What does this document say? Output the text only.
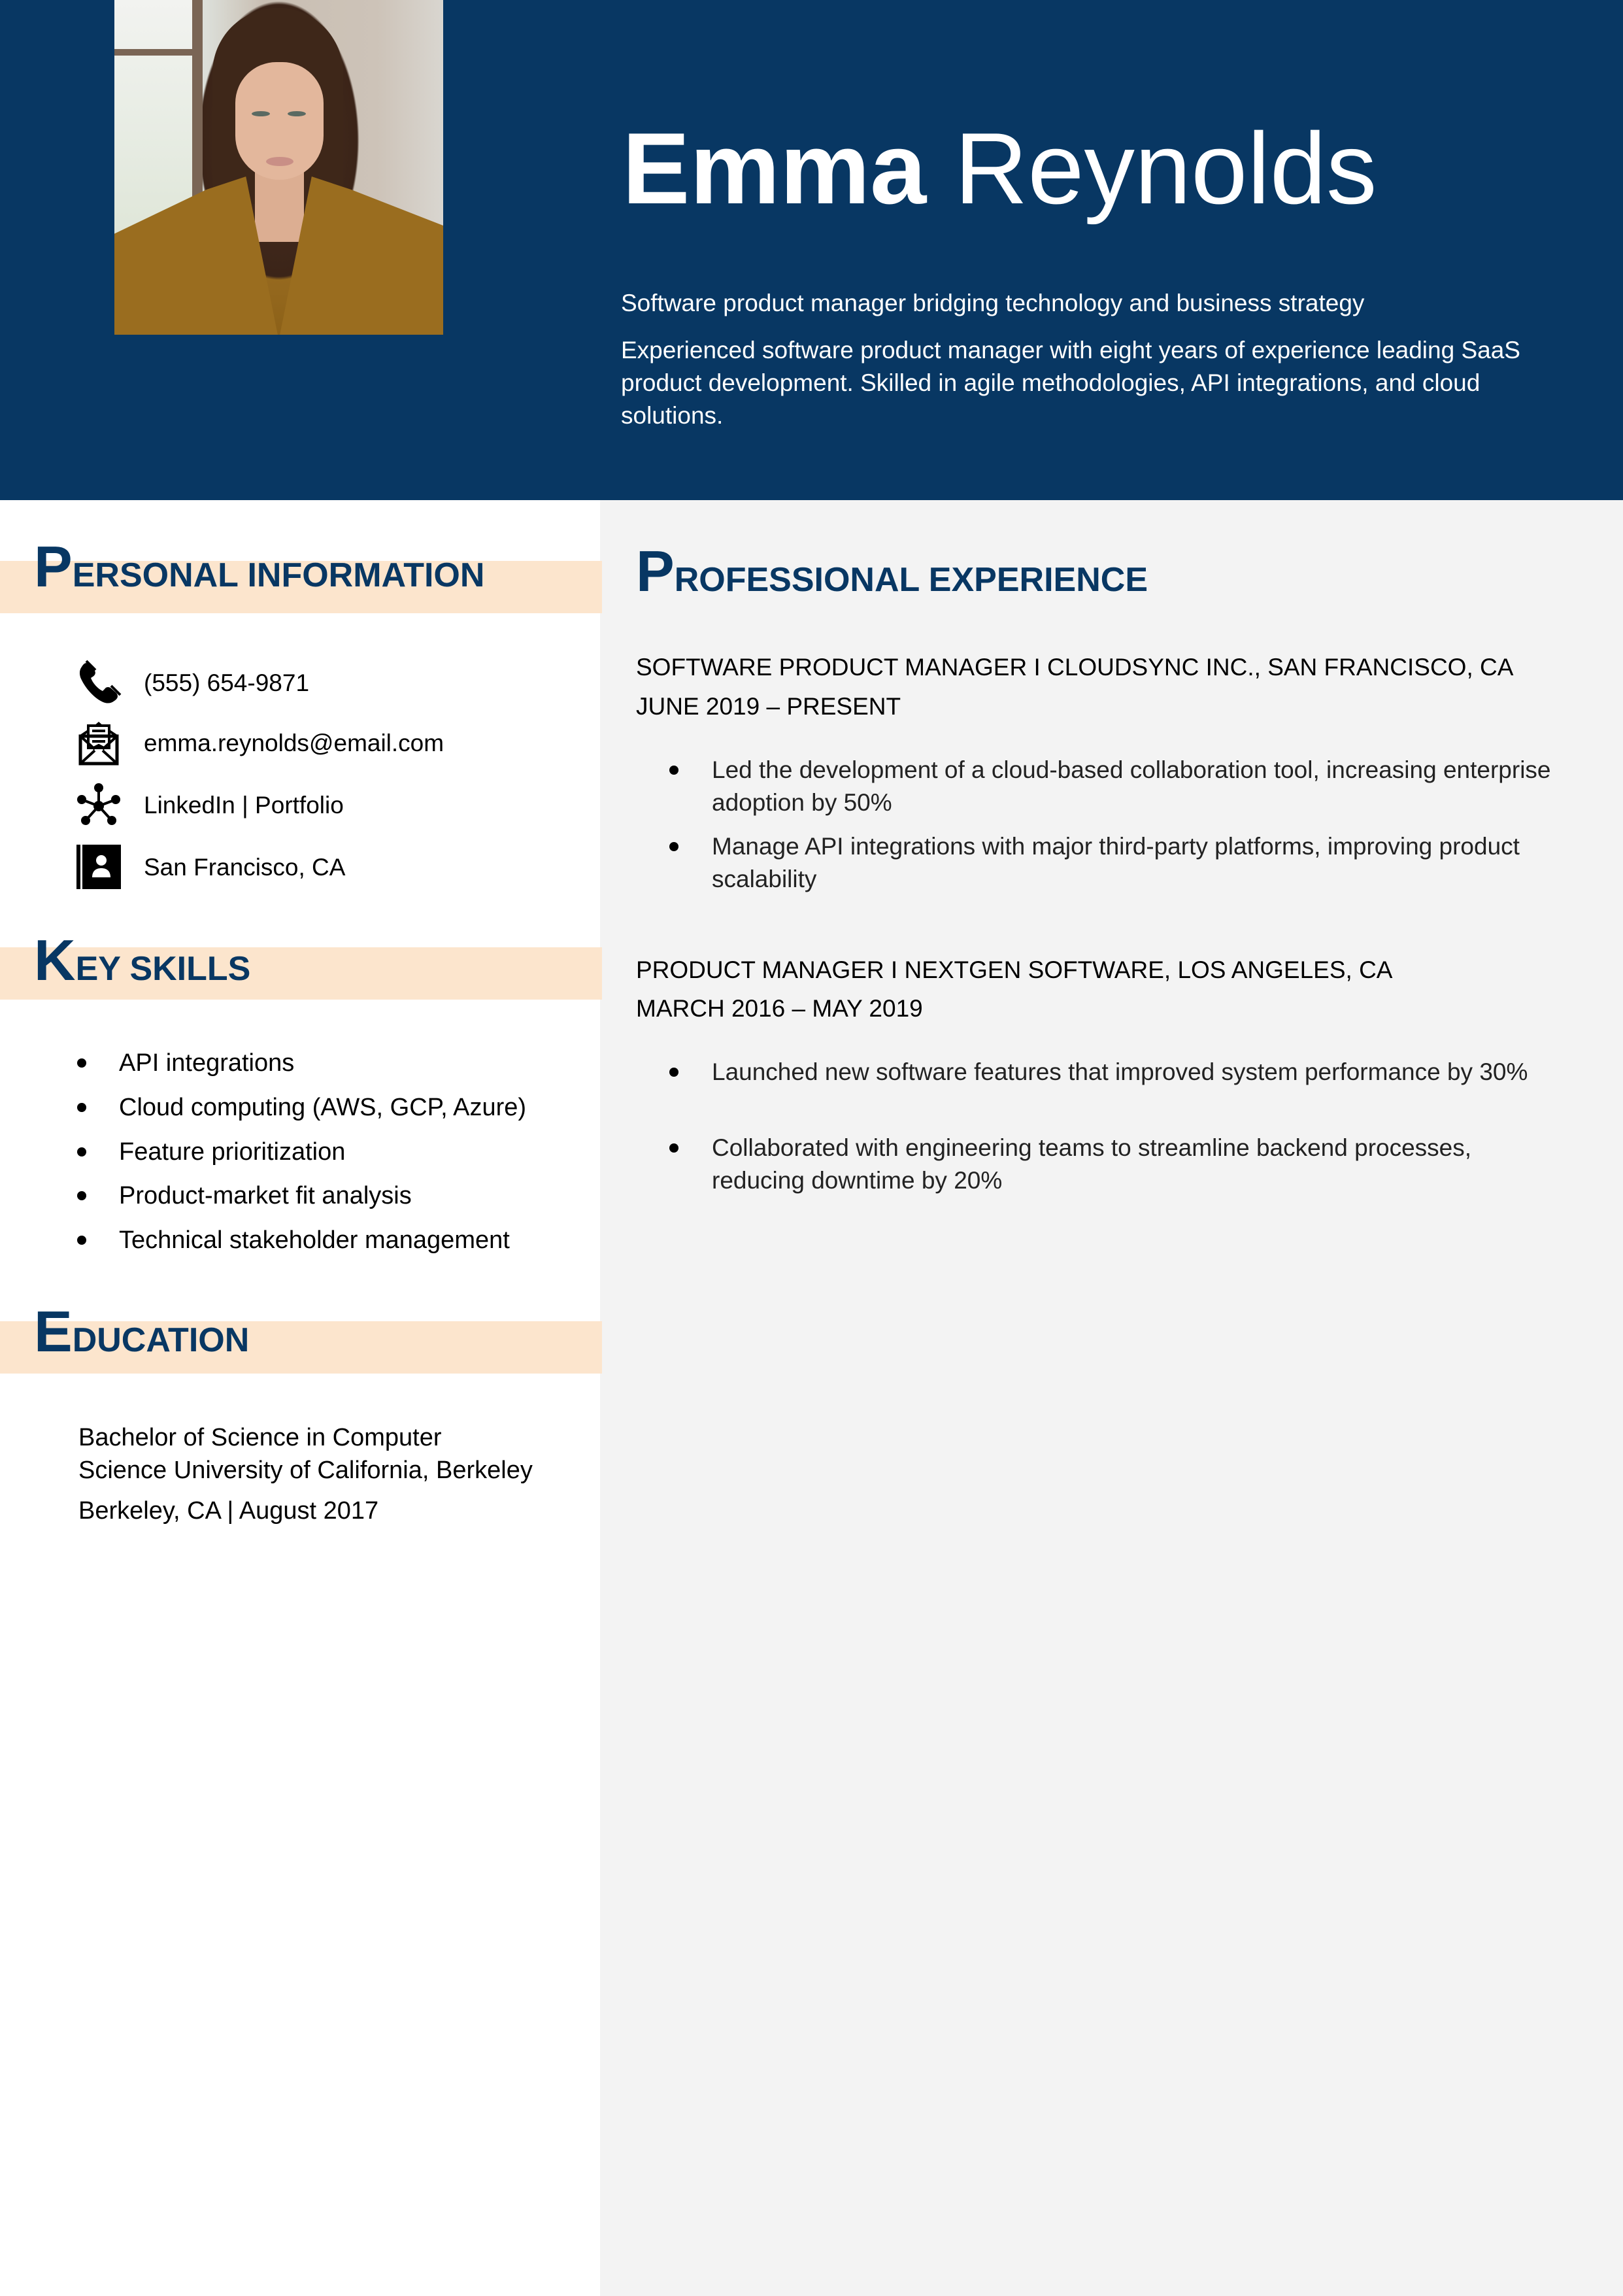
Emma Reynolds
Software product manager bridging technology and business strategy
Experienced software product manager with eight years of experience leading SaaS product development. Skilled in agile methodologies, API integrations, and cloud solutions.
PERSONAL INFORMATION
(555) 654-9871
emma.reynolds@email.com
LinkedIn | Portfolio
San Francisco, CA
KEY SKILLS
API integrations
Cloud computing (AWS, GCP, Azure)
Feature prioritization
Product-market fit analysis
Technical stakeholder management
EDUCATION
Bachelor of Science in Computer
Science University of California, Berkeley
Berkeley, CA | August 2017
PROFESSIONAL EXPERIENCE
SOFTWARE PRODUCT MANAGER I CLOUDSYNC INC., SAN FRANCISCO, CA
JUNE 2019 – PRESENT
Led the development of a cloud-based collaboration tool, increasing enterprise adoption by 50%
Manage API integrations with major third-party platforms, improving product scalability
PRODUCT MANAGER I NEXTGEN SOFTWARE, LOS ANGELES, CA
MARCH 2016 – MAY 2019
Launched new software features that improved system performance by 30%
Collaborated with engineering teams to streamline backend processes, reducing downtime by 20%
